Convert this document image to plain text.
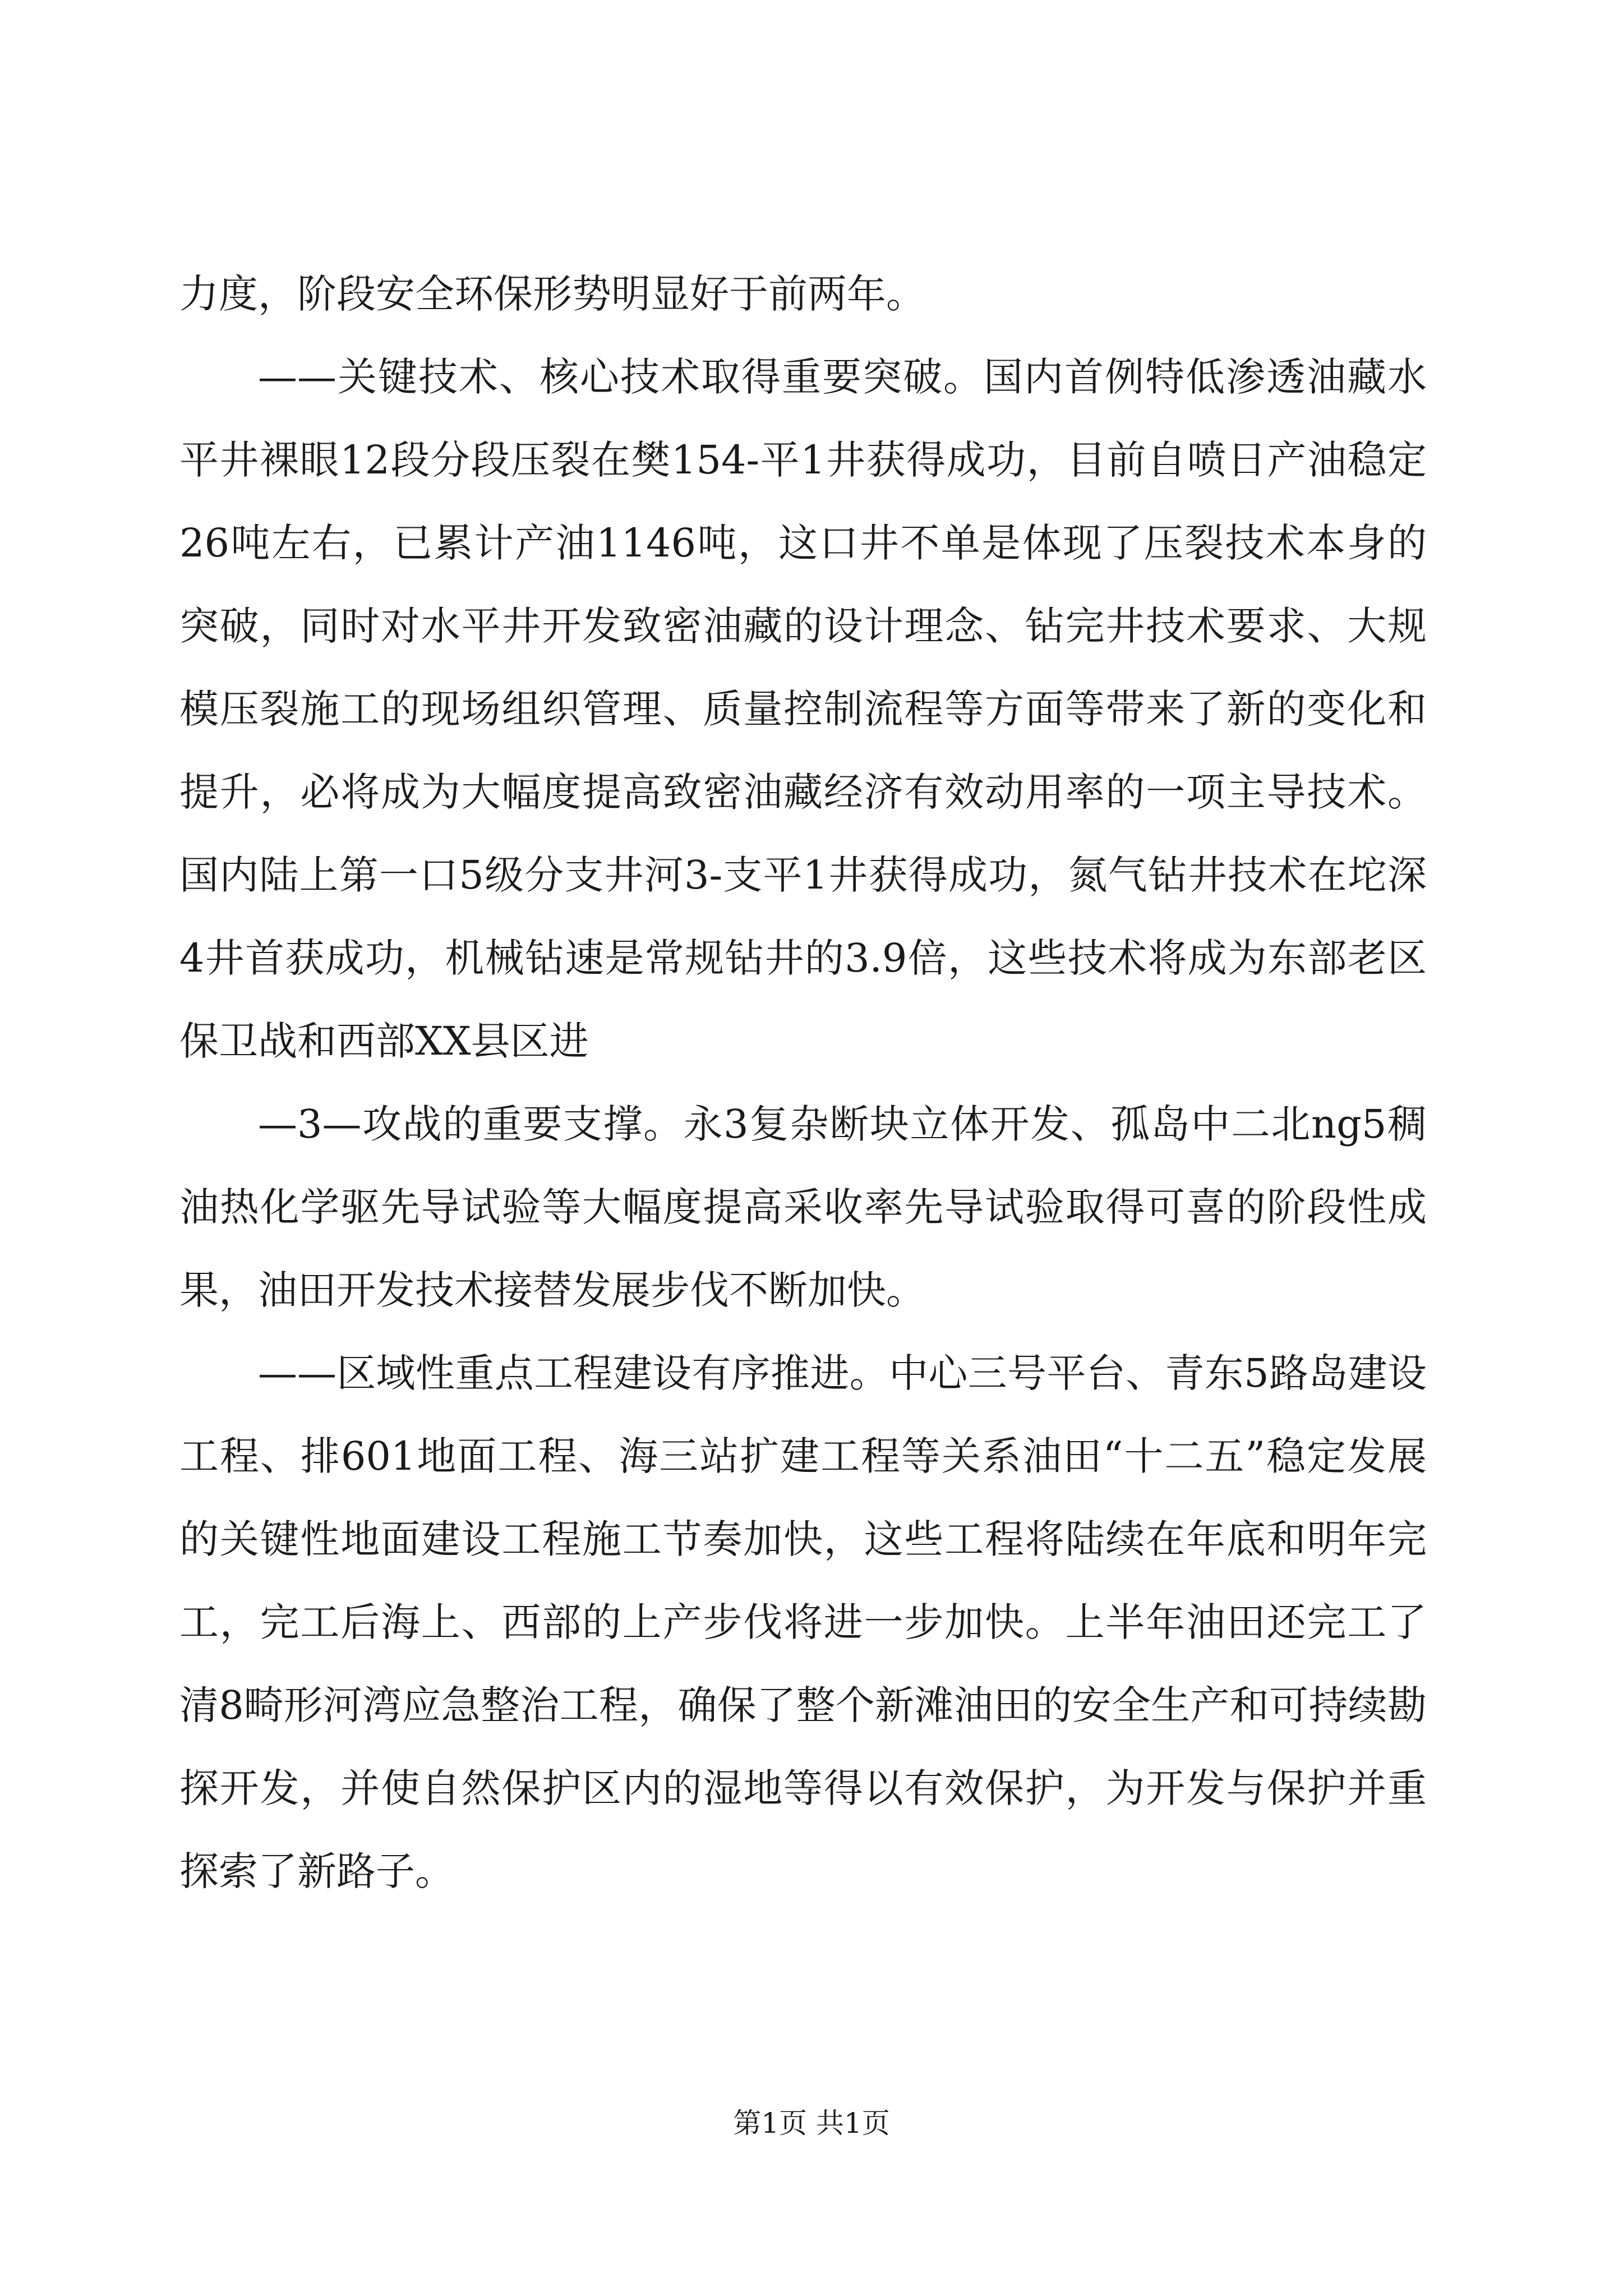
力度，阶段安全环保形势明显好于前两年。

——关键技术、核心技术取得重要突破。国内首例特低渗透油藏水平井裸眼12段分段压裂在樊154-平1井获得成功，目前自喷日产油稳定26吨左右，已累计产油1146吨，这口井不单是体现了压裂技术本身的突破，同时对水平井开发致密油藏的设计理念、钻完井技术要求、大规模压裂施工的现场组织管理、质量控制流程等方面等带来了新的变化和提升，必将成为大幅度提高致密油藏经济有效动用率的一项主导技术。国内陆上第一口5级分支井河3-支平1井获得成功，氮气钻井技术在坨深4井首获成功，机械钻速是常规钻井的3.9倍，这些技术将成为东部老区保卫战和西部XX县区进

—3—攻战的重要支撑。永3复杂断块立体开发、孤岛中二北ng5稠油热化学驱先导试验等大幅度提高采收率先导试验取得可喜的阶段性成果，油田开发技术接替发展步伐不断加快。

——区域性重点工程建设有序推进。中心三号平台、青东5路岛建设工程、排601地面工程、海三站扩建工程等关系油田“十二五”稳定发展的关键性地面建设工程施工节奏加快，这些工程将陆续在年底和明年完工，完工后海上、西部的上产步伐将进一步加快。上半年油田还完工了清8畸形河湾应急整治工程，确保了整个新滩油田的安全生产和可持续勘探开发，并使自然保护区内的湿地等得以有效保护，为开发与保护并重探索了新路子。

第1页 共1页
